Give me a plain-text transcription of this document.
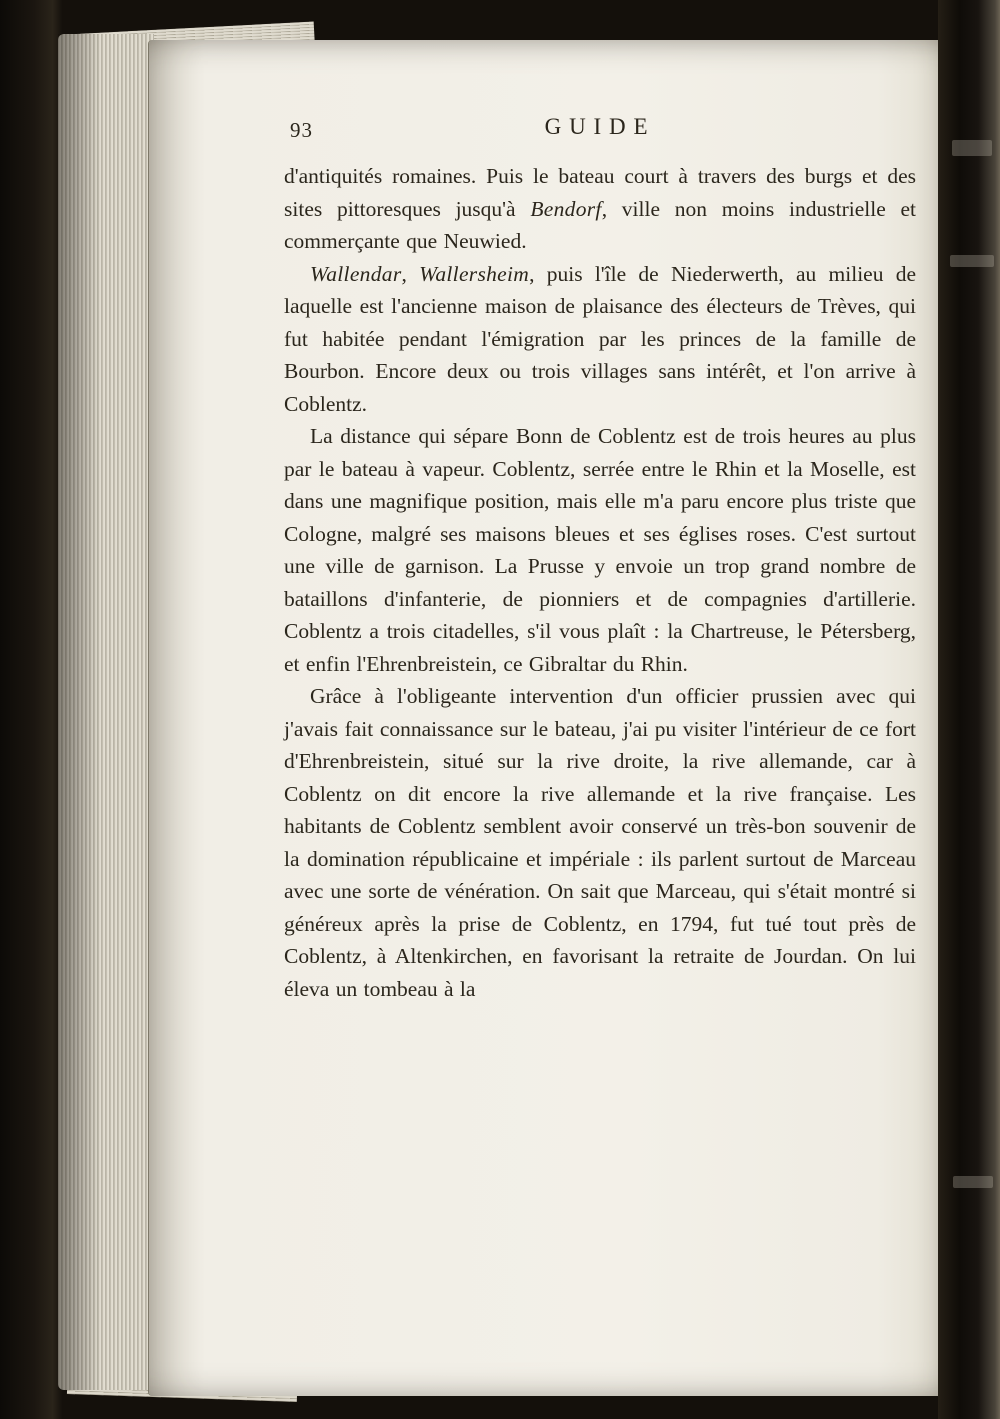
93	GUIDE

d'antiquités romaines. Puis le bateau court à travers des burgs et des sites pittoresques jusqu'à Bendorf, ville non moins industrielle et commerçante que Neuwied.

Wallendar, Wallersheim, puis l'île de Niederwerth, au milieu de laquelle est l'ancienne maison de plaisance des électeurs de Trèves, qui fut habitée pendant l'émigration par les princes de la famille de Bourbon. Encore deux ou trois villages sans intérêt, et l'on arrive à Coblentz.

La distance qui sépare Bonn de Coblentz est de trois heures au plus par le bateau à vapeur. Coblentz, serrée entre le Rhin et la Moselle, est dans une magnifique position, mais elle m'a paru encore plus triste que Cologne, malgré ses maisons bleues et ses églises roses. C'est surtout une ville de garnison. La Prusse y envoie un trop grand nombre de bataillons d'infanterie, de pionniers et de compagnies d'artillerie. Coblentz a trois citadelles, s'il vous plaît : la Chartreuse, le Pétersberg, et enfin l'Ehrenbreistein, ce Gibraltar du Rhin.

Grâce à l'obligeante intervention d'un officier prussien avec qui j'avais fait connaissance sur le bateau, j'ai pu visiter l'intérieur de ce fort d'Ehrenbreistein, situé sur la rive droite, la rive allemande, car à Coblentz on dit encore la rive allemande et la rive française. Les habitants de Coblentz semblent avoir conservé un très-bon souvenir de la domination républicaine et impériale : ils parlent surtout de Marceau avec une sorte de vénération. On sait que Marceau, qui s'était montré si généreux après la prise de Coblentz, en 1794, fut tué tout près de Coblentz, à Altenkirchen, en favorisant la retraite de Jourdan. On lui éleva un tombeau à la
